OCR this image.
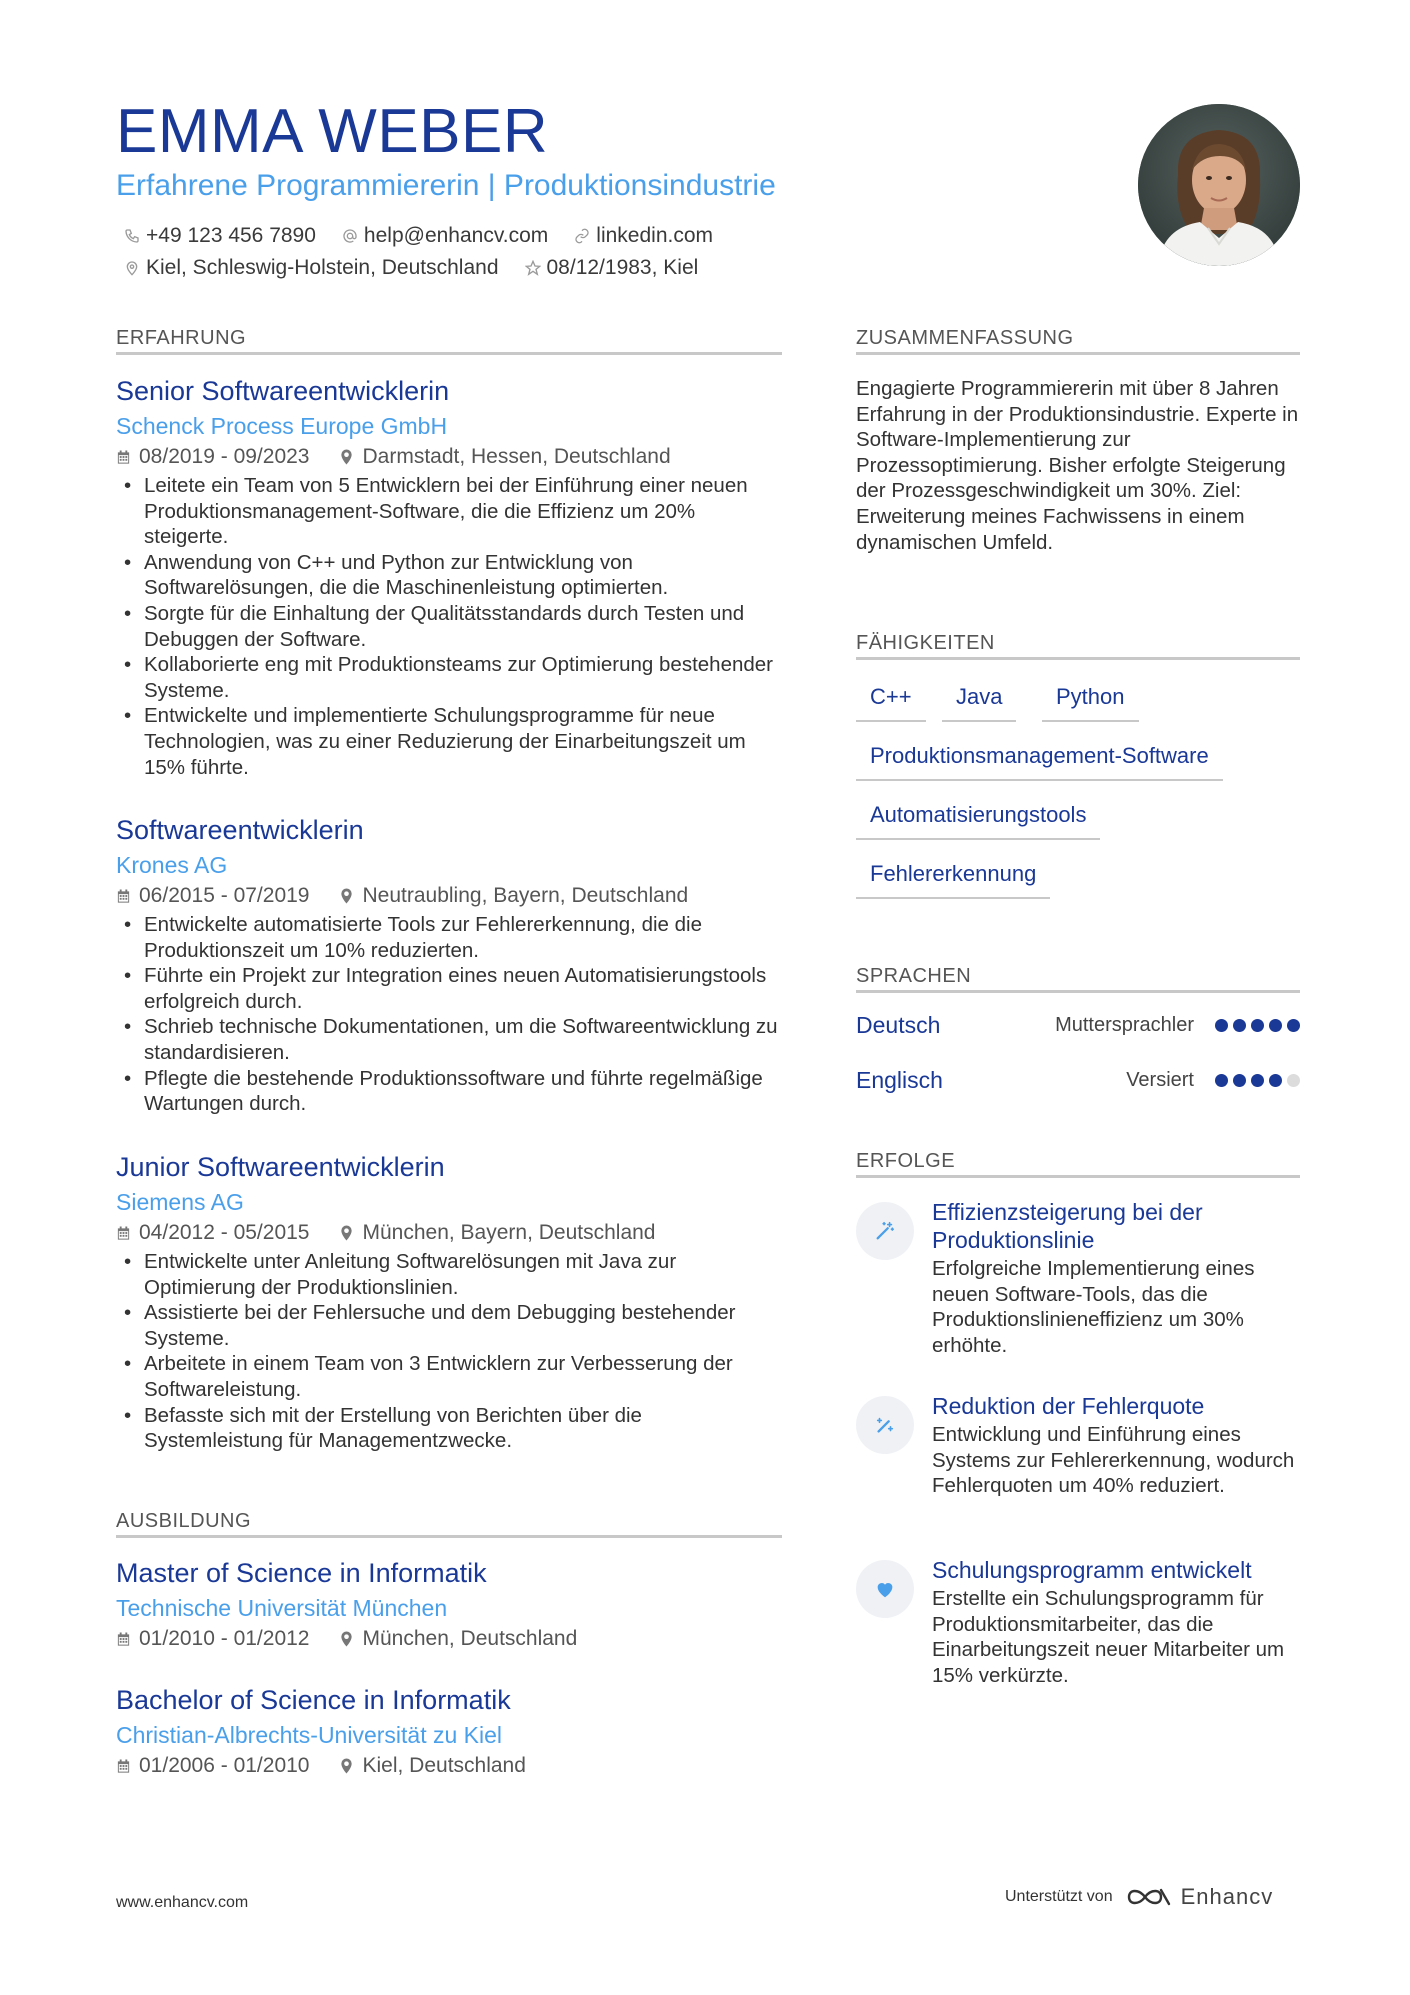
EMMA WEBER
Erfahrene Programmiererin | Produktionsindustrie
+49 123 456 7890 help@enhancv.com linkedin.com
Kiel, Schleswig-Holstein, Deutschland 08/12/1983, Kiel
ERFAHRUNG
Senior Softwareentwicklerin
Schenck Process Europe GmbH
08/2019 - 09/2023	Darmstadt, Hessen, Deutschland
• Leitete ein Team von 5 Entwicklern bei der Einführung einer neuen Produktionsmanagement-Software, die die Effizienz um 20% steigerte.
• Anwendung von C++ und Python zur Entwicklung von Softwarelösungen, die die Maschinenleistung optimierten.
• Sorgte für die Einhaltung der Qualitätsstandards durch Testen und Debuggen der Software.
• Kollaborierte eng mit Produktionsteams zur Optimierung bestehender Systeme.
• Entwickelte und implementierte Schulungsprogramme für neue Technologien, was zu einer Reduzierung der Einarbeitungszeit um 15% führte.
Softwareentwicklerin
Krones AG
06/2015 - 07/2019	Neutraubling, Bayern, Deutschland
• Entwickelte automatisierte Tools zur Fehlererkennung, die die Produktionszeit um 10% reduzierten.
• Führte ein Projekt zur Integration eines neuen Automatisierungstools erfolgreich durch.
• Schrieb technische Dokumentationen, um die Softwareentwicklung zu standardisieren.
• Pflegte die bestehende Produktionssoftware und führte regelmäßige Wartungen durch.
Junior Softwareentwicklerin
Siemens AG
04/2012 - 05/2015	München, Bayern, Deutschland
• Entwickelte unter Anleitung Softwarelösungen mit Java zur Optimierung der Produktionslinien.
• Assistierte bei der Fehlersuche und dem Debugging bestehender Systeme.
• Arbeitete in einem Team von 3 Entwicklern zur Verbesserung der Softwareleistung.
• Befasste sich mit der Erstellung von Berichten über die Systemleistung für Managementzwecke.
AUSBILDUNG
Master of Science in Informatik
Technische Universität München
01/2010 - 01/2012	München, Deutschland
Bachelor of Science in Informatik
Christian-Albrechts-Universität zu Kiel
01/2006 - 01/2010	Kiel, Deutschland
ZUSAMMENFASSUNG
Engagierte Programmiererin mit über 8 Jahren Erfahrung in der Produktionsindustrie. Experte in Software-Implementierung zur Prozessoptimierung. Bisher erfolgte Steigerung der Prozessgeschwindigkeit um 30%. Ziel: Erweiterung meines Fachwissens in einem dynamischen Umfeld.
FÄHIGKEITEN
C++	Java	Python
Produktionsmanagement-Software
Automatisierungstools
Fehlererkennung
SPRACHEN
Deutsch	Muttersprachler
Englisch	Versiert
ERFOLGE
Effizienzsteigerung bei der Produktionslinie
Erfolgreiche Implementierung eines neuen Software-Tools, das die Produktionslinieneffizienz um 30% erhöhte.
Reduktion der Fehlerquote
Entwicklung und Einführung eines Systems zur Fehlererkennung, wodurch Fehlerquoten um 40% reduziert.
Schulungsprogramm entwickelt
Erstellte ein Schulungsprogramm für Produktionsmitarbeiter, das die Einarbeitungszeit neuer Mitarbeiter um 15% verkürzte.
www.enhancv.com	Unterstützt von	Enhancv
